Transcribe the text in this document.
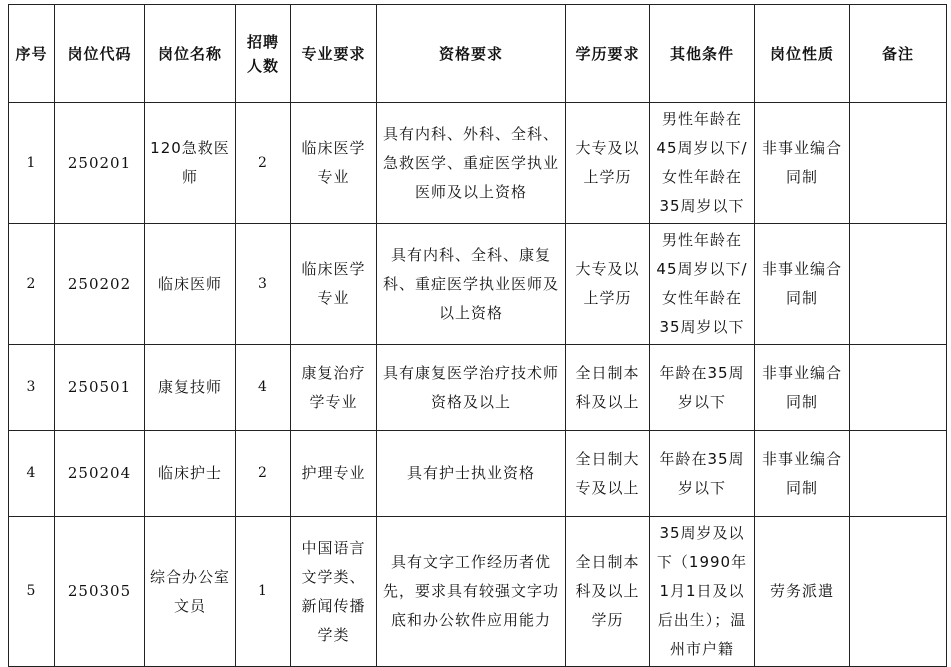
序号	岗位代码	岗位名称	招聘人数	专业要求	资格要求	学历要求	其他条件	岗位性质	备注
1	250201	120急救医师	2	临床医学专业	具有内科、外科、全科、急救医学、重症医学执业医师及以上资格	大专及以上学历	男性年龄在45周岁以下/女性年龄在35周岁以下	非事业编合同制	
2	250202	临床医师	3	临床医学专业	具有内科、全科、康复科、重症医学执业医师及以上资格	大专及以上学历	男性年龄在45周岁以下/女性年龄在35周岁以下	非事业编合同制	
3	250501	康复技师	4	康复治疗学专业	具有康复医学治疗技术师资格及以上	全日制本科及以上	年龄在35周岁以下	非事业编合同制	
4	250204	临床护士	2	护理专业	具有护士执业资格	全日制大专及以上	年龄在35周岁以下	非事业编合同制	
5	250305	综合办公室文员	1	中国语言文学类、新闻传播学类	具有文字工作经历者优先，要求具有较强文字功底和办公软件应用能力	全日制本科及以上学历	35周岁及以下（1990年1月1日及以后出生）；温州市户籍	劳务派遣	
